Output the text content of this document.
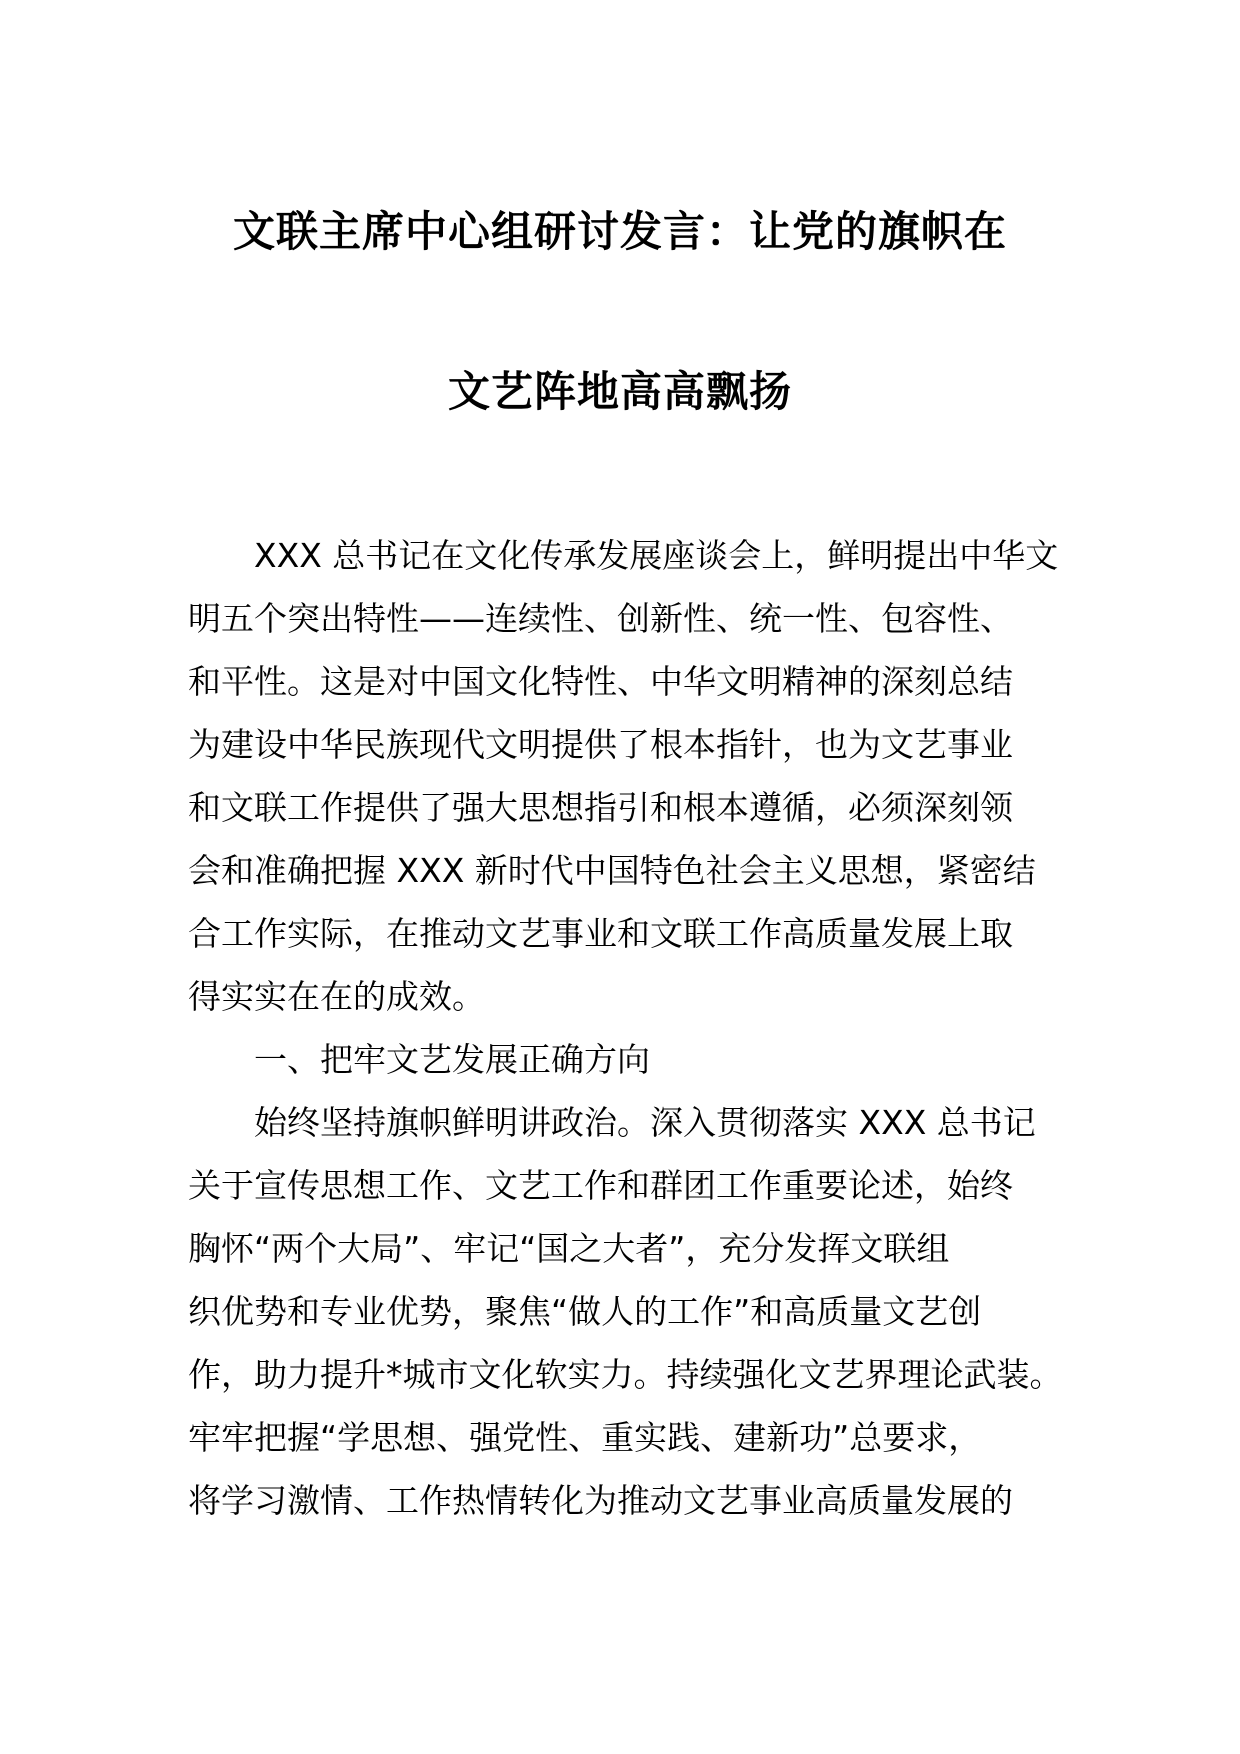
文联主席中心组研讨发言：让党的旗帜在
文艺阵地高高飘扬
　　XXX 总书记在文化传承发展座谈会上，鲜明提出中华文
明五个突出特性——连续性、创新性、统一性、包容性、
和平性。这是对中国文化特性、中华文明精神的深刻总结
为建设中华民族现代文明提供了根本指针，也为文艺事业
和文联工作提供了强大思想指引和根本遵循，必须深刻领
会和准确把握 XXX 新时代中国特色社会主义思想，紧密结
合工作实际，在推动文艺事业和文联工作高质量发展上取
得实实在在的成效。
　　一、把牢文艺发展正确方向
　　始终坚持旗帜鲜明讲政治。深入贯彻落实 XXX 总书记
关于宣传思想工作、文艺工作和群团工作重要论述，始终
胸怀“两个大局”、牢记“国之大者”，充分发挥文联组
织优势和专业优势，聚焦“做人的工作”和高质量文艺创
作，助力提升*城市文化软实力。持续强化文艺界理论武装。
牢牢把握“学思想、强党性、重实践、建新功”总要求，
将学习激情、工作热情转化为推动文艺事业高质量发展的
